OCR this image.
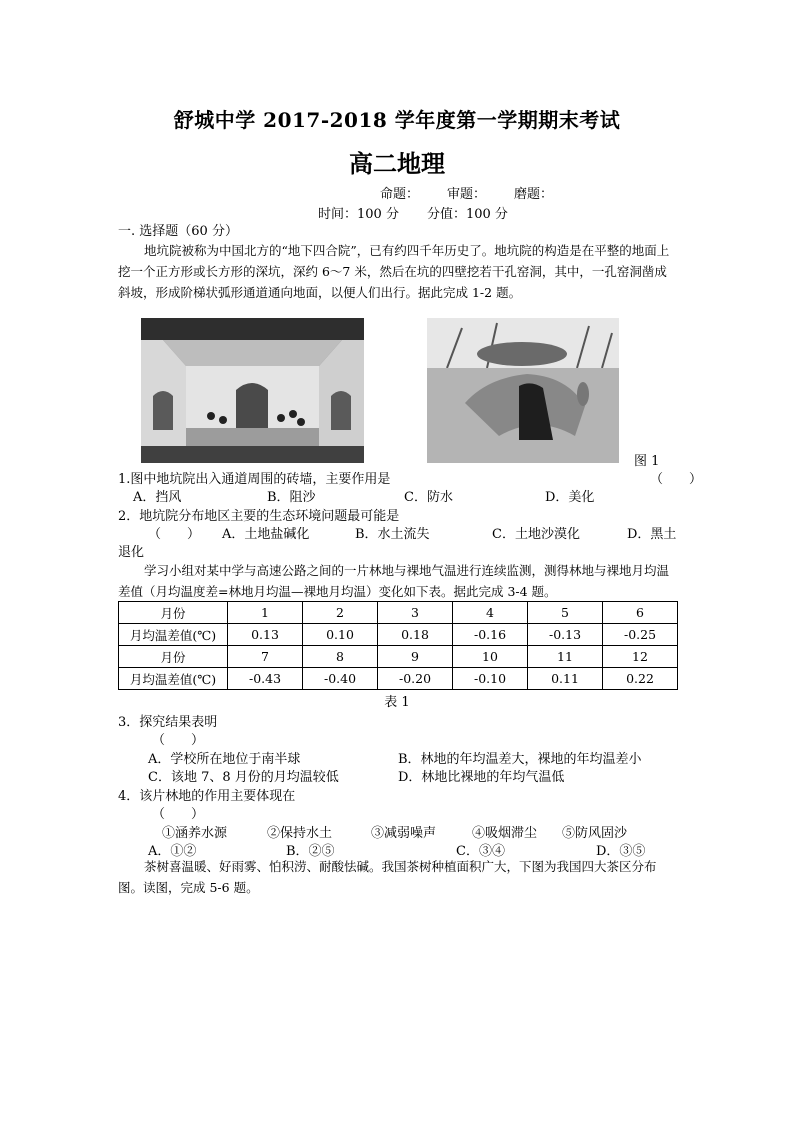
舒城中学 2017-2018 学年度第一学期期末考试
高二地理
命题： 审题： 磨题：
时间：100 分 分值：100 分
一. 选择题（60 分）
地坑院被称为中国北方的“地下四合院”，已有约四千年历史了。地坑院的构造是在平整的地面上挖一个正方形或长方形的深坑，深约 6～7 米，然后在坑的四壁挖若干孔窑洞，其中，一孔窑洞凿成斜坡，形成阶梯状弧形通道通向地面，以便人们出行。据此完成 1-2 题。
图 1
1.图中地坑院出入通道周围的砖墙，主要作用是	（　　）
A．挡风	B．阻沙	C．防水	D．美化
2．地坑院分布地区主要的生态环境问题最可能是
（　　） A．土地盐碱化	B．水土流失	C．土地沙漠化	D．黑土
退化
学习小组对某中学与高速公路之间的一片林地与裸地气温进行连续监测，测得林地与裸地月均温差值（月均温度差=林地月均温—裸地月均温）变化如下表。据此完成 3-4 题。
月份	1	2	3	4	5	6
月均温差值(℃)	0.13	0.10	0.18	-0.16	-0.13	-0.25
月份	7	8	9	10	11	12
月均温差值(℃)	-0.43	-0.40	-0.20	-0.10	0.11	0.22
表 1
3．探究结果表明
（　　）
A．学校所在地位于南半球	B．林地的年均温差大，裸地的年均温差小
C．该地 7、8 月份的月均温较低	D．林地比裸地的年均气温低
4．该片林地的作用主要体现在
（　　）
①涵养水源	②保持水土	③减弱噪声	④吸烟滞尘 ⑤防风固沙
A．①②	B．②⑤	C．③④	D．③⑤
茶树喜温暖、好雨雾、怕积涝、耐酸怯碱。我国茶树种植面积广大，下图为我国四大茶区分布图。读图，完成 5-6 题。
